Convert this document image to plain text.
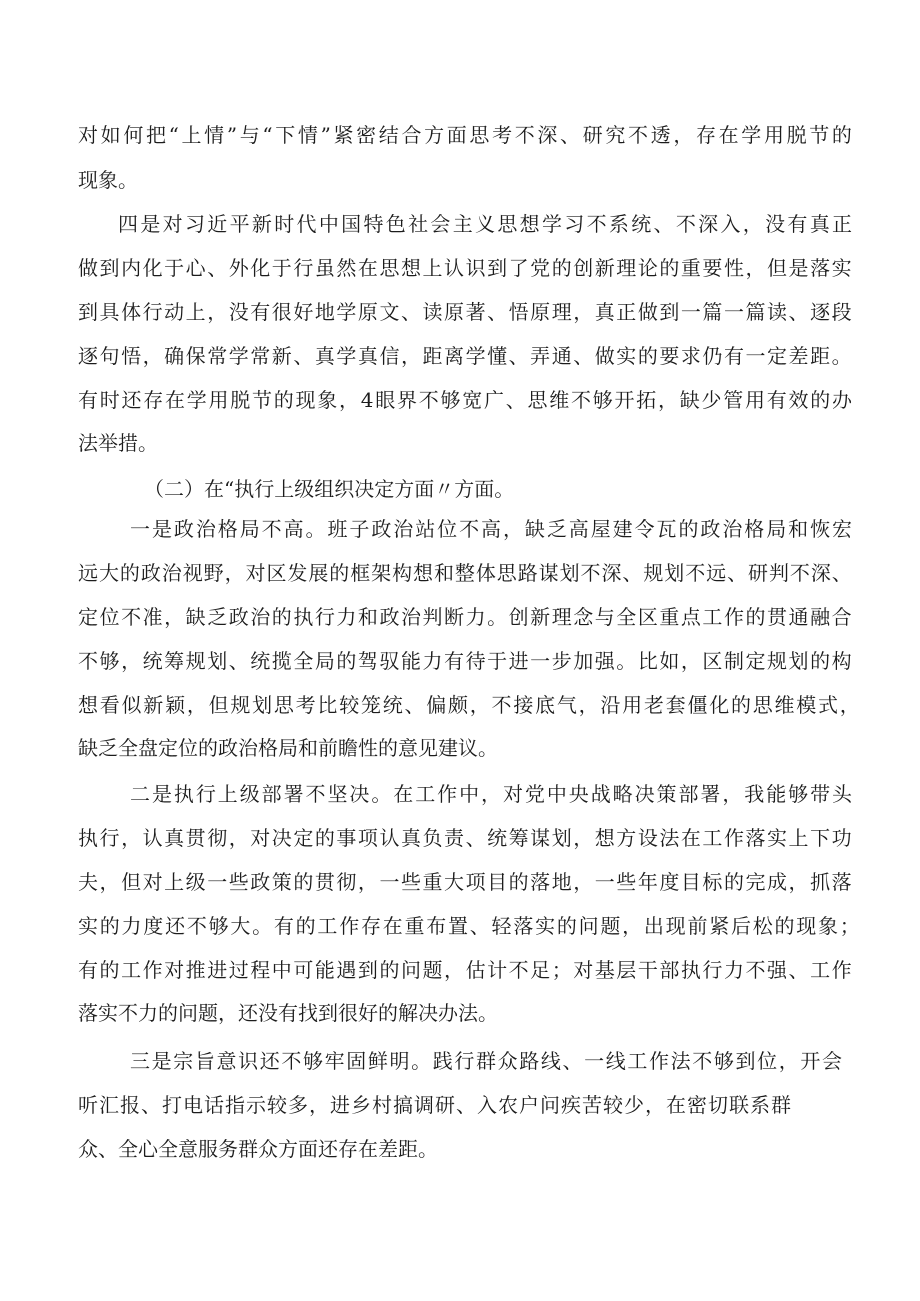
对 如 何 把 “ 上 情 ” 与 “ 下 情 ” 紧 密 结 合 方 面 思 考 不 深 、 研 究 不 透 ， 存 在 学 用 脱 节 的
现象。
四 是 对 习 近 平 新 时 代 中 国 特 色 社 会 主 义 思 想 学 习 不 系 统 、 不 深 入 ， 没 有 真 正
做 到 内 化 于 心 、 外 化 于 行 虽 然 在 思 想 上 认 识 到 了 党 的 创 新 理 论 的 重 要 性 ， 但 是 落 实
到 具 体 行 动 上 ， 没 有 很 好 地 学 原 文 、 读 原 著 、 悟 原 理 ， 真 正 做 到 一 篇 一 篇 读 、 逐 段
逐 句 悟 ， 确 保 常 学 常 新 、 真 学 真 信 ， 距 离 学 懂 、 弄 通 、 做 实 的 要 求 仍 有 一 定 差 距 。
有 时 还 存 在 学 用 脱 节 的 现 象 ， 4 眼 界 不 够 宽 广 、 思 维 不 够 开 拓 ， 缺 少 管 用 有 效 的 办
法举措。
（二）在“执行上级组织决定方面〃方面。
一 是 政 治 格 局 不 高 。 班 子 政 治 站 位 不 高 ， 缺 乏 高 屋 建 令 瓦 的 政 治 格 局 和 恢 宏
远 大 的 政 治 视 野 ， 对 区 发 展 的 框 架 构 想 和 整 体 思 路 谋 划 不 深 、 规 划 不 远 、 研 判 不 深 、
定 位 不 准 ， 缺 乏 政 治 的 执 行 力 和 政 治 判 断 力 。 创 新 理 念 与 全 区 重 点 工 作 的 贯 通 融 合
不 够 ， 统 筹 规 划 、 统 揽 全 局 的 驾 驭 能 力 有 待 于 进 一 步 加 强 。 比 如 ， 区 制 定 规 划 的 构
想 看 似 新 颖 ， 但 规 划 思 考 比 较 笼 统 、 偏 颇 ， 不 接 底 气 ， 沿 用 老 套 僵 化 的 思 维 模 式 ，
缺乏全盘定位的政治格局和前瞻性的意见建议。
二 是 执 行 上 级 部 署 不 坚 决 。 在 工 作 中 ， 对 党 中 央 战 略 决 策 部 署 ， 我 能 够 带 头
执 行 ， 认 真 贯 彻 ， 对 决 定 的 事 项 认 真 负 责 、 统 筹 谋 划 ， 想 方 设 法 在 工 作 落 实 上 下 功
夫 ， 但 对 上 级 一 些 政 策 的 贯 彻 ， 一 些 重 大 项 目 的 落 地 ， 一 些 年 度 目 标 的 完 成 ， 抓 落
实 的 力 度 还 不 够 大 。 有 的 工 作 存 在 重 布 置 、 轻 落 实 的 问 题 ， 出 现 前 紧 后 松 的 现 象 ；
有 的 工 作 对 推 进 过 程 中 可 能 遇 到 的 问 题 ， 估 计 不 足 ； 对 基 层 干 部 执 行 力 不 强 、 工 作
落实不力的问题，还没有找到很好的解决办法。
三 是 宗 旨 意 识 还 不 够 牢 固 鲜 明 。 践 行 群 众 路 线 、 一 线 工 作 法 不 够 到 位 ， 开 会
听 汇 报 、 打 电 话 指 示 较 多 ， 进 乡 村 搞 调 研 、 入 农 户 问 疾 苦 较 少 ， 在 密 切 联 系 群
众、全心全意服务群众方面还存在差距。
